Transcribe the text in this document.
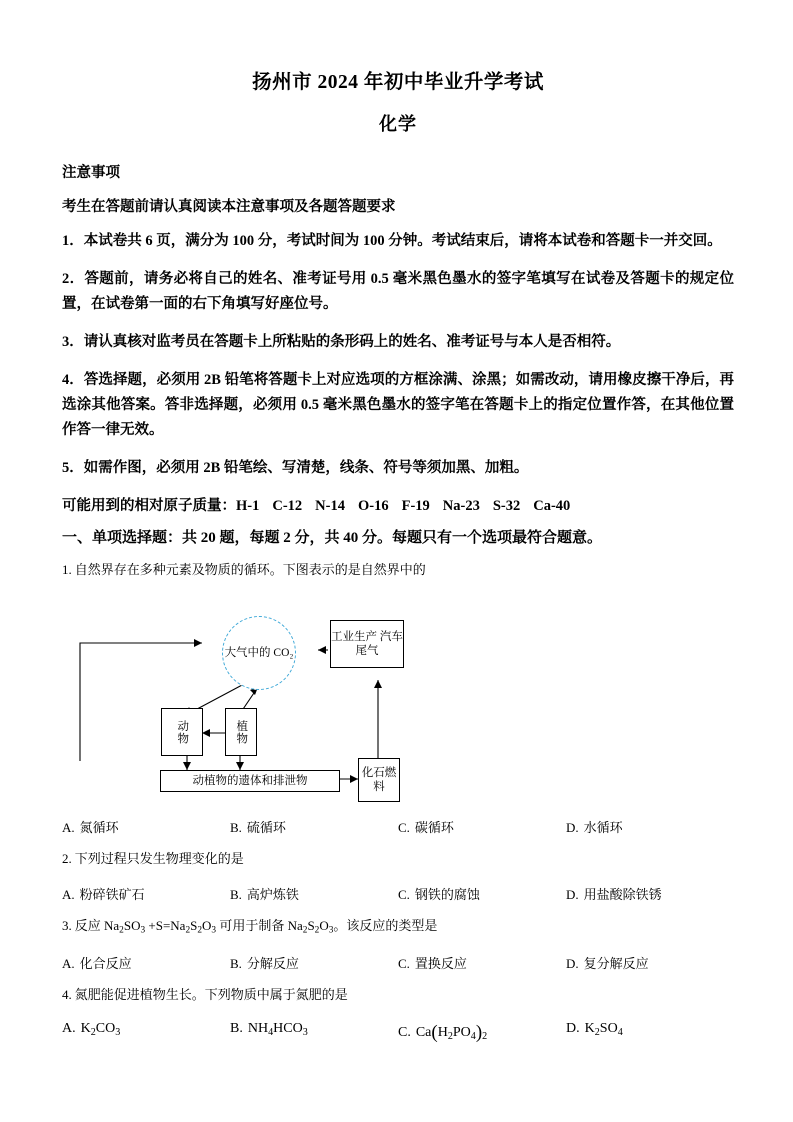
扬州市 2024 年初中毕业升学考试
化学
注意事项
考生在答题前请认真阅读本注意事项及各题答题要求
1．本试卷共 6 页，满分为 100 分，考试时间为 100 分钟。考试结束后，请将本试卷和答题卡一并交回。
2．答题前，请务必将自己的姓名、准考证号用 0.5 毫米黑色墨水的签字笔填写在试卷及答题卡的规定位置，在试卷第一面的右下角填写好座位号。
3．请认真核对监考员在答题卡上所粘贴的条形码上的姓名、准考证号与本人是否相符。
4．答选择题，必须用 2B 铅笔将答题卡上对应选项的方框涂满、涂黑；如需改动，请用橡皮擦干净后，再选涂其他答案。答非选择题，必须用 0.5 毫米黑色墨水的签字笔在答题卡上的指定位置作答，在其他位置作答一律无效。
5．如需作图，必须用 2B 铅笔绘、写清楚，线条、符号等须加黑、加粗。
可能用到的相对原子质量：H-1 C-12 N-14 O-16 F-19 Na-23 S-32 Ca-40
一、单项选择题：共 20 题，每题 2 分，共 40 分。每题只有一个选项最符合题意。
1. 自然界存在多种元素及物质的循环。下图表示的是自然界中的
大气中的 CO₂
工业生产 汽车尾气
动物	植物
动植物的遗体和排泄物
化石燃料
A. 氮循环	B. 硫循环	C. 碳循环	D. 水循环
2. 下列过程只发生物理变化的是
A. 粉碎铁矿石	B. 高炉炼铁	C. 钢铁的腐蚀	D. 用盐酸除铁锈
3. 反应 $Na_2SO_3 +S=Na_2S_2O_3$ 可用于制备 $Na_2S_2O_3$。该反应的类型是
A. 化合反应	B. 分解反应	C. 置换反应	D. 复分解反应
4. 氮肥能促进植物生长。下列物质中属于氮肥的是
A. $K_2CO_3$	B. $NH_4HCO_3$	C. $Ca(H_2PO_4)_2$	D. $K_2SO_4$
